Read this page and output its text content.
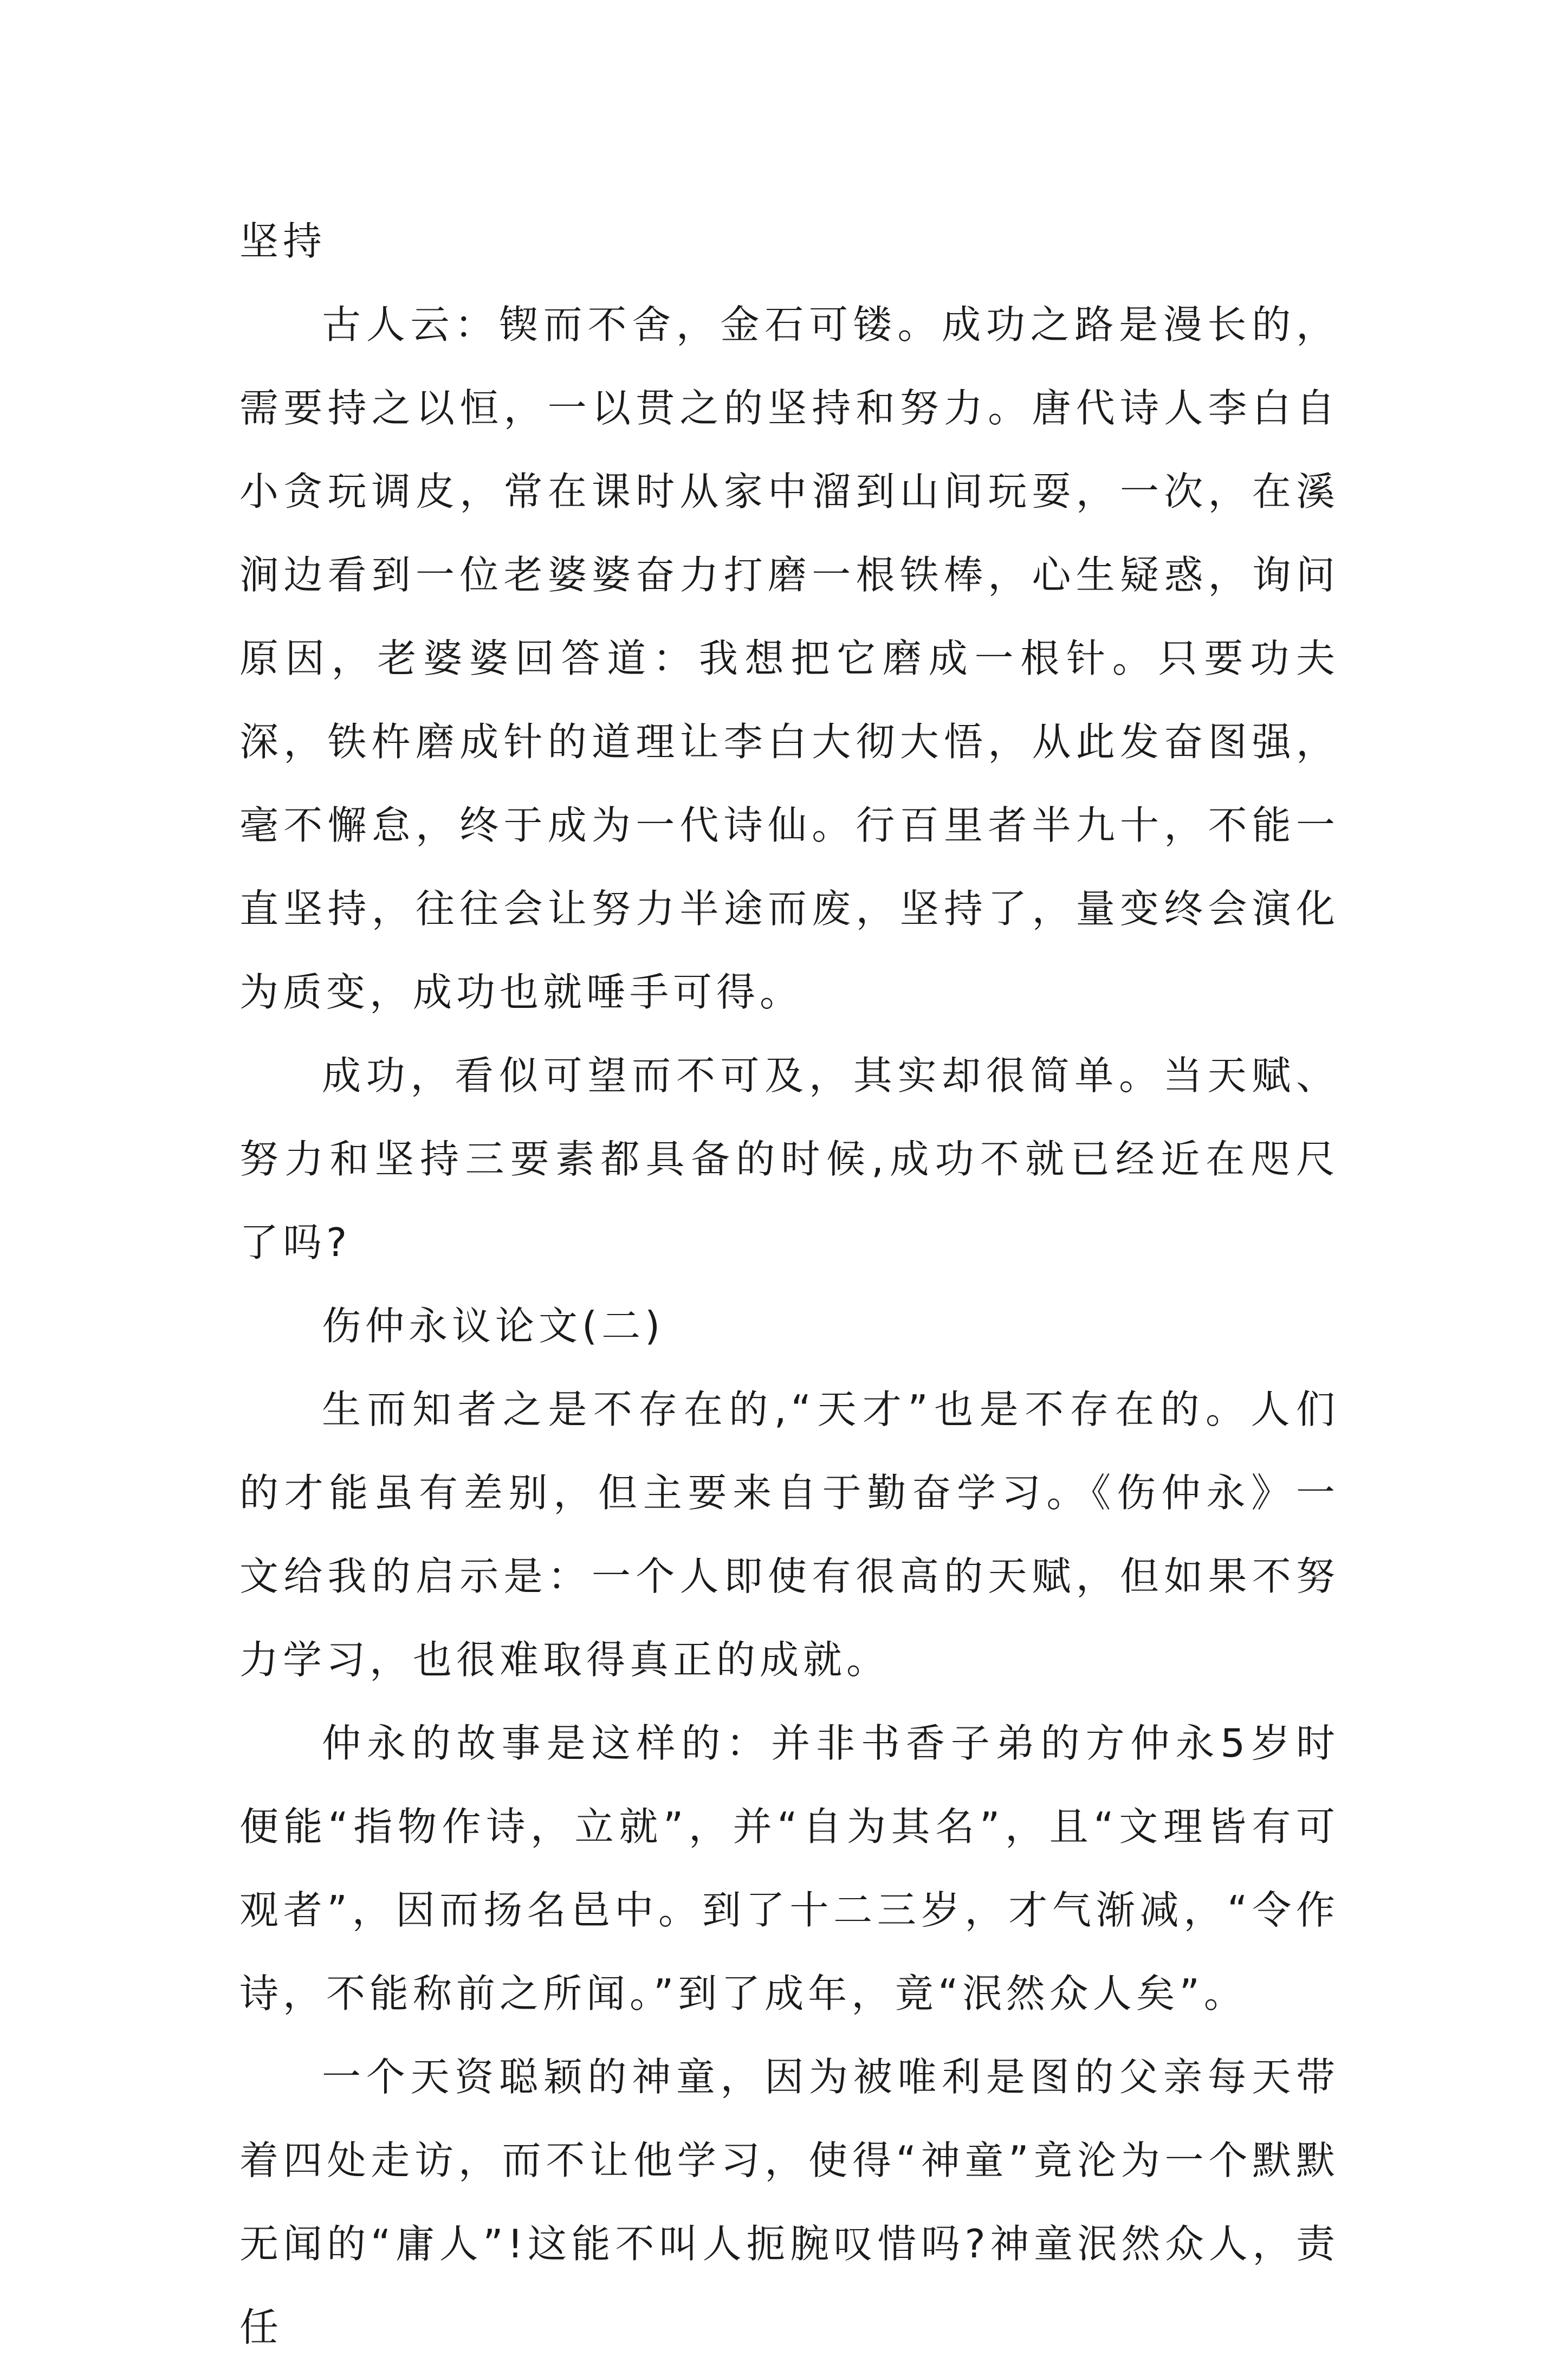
坚持

古人云：锲而不舍，金石可镂。成功之路是漫长的，需要持之以恒，一以贯之的坚持和努力。唐代诗人李白自小贪玩调皮，常在课时从家中溜到山间玩耍，一次，在溪涧边看到一位老婆婆奋力打磨一根铁棒，心生疑惑，询问原因，老婆婆回答道：我想把它磨成一根针。只要功夫深，铁杵磨成针的道理让李白大彻大悟，从此发奋图强，毫不懈怠，终于成为一代诗仙。行百里者半九十，不能一直坚持，往往会让努力半途而废，坚持了，量变终会演化为质变，成功也就唾手可得。

成功，看似可望而不可及，其实却很简单。当天赋、努力和坚持三要素都具备的时候,成功不就已经近在咫尺了吗?

伤仲永议论文(二)

生而知者之是不存在的,“天才”也是不存在的。人们的才能虽有差别，但主要来自于勤奋学习。《伤仲永》一文给我的启示是：一个人即使有很高的天赋，但如果不努力学习，也很难取得真正的成就。

仲永的故事是这样的：并非书香子弟的方仲永5岁时便能“指物作诗，立就”，并“自为其名”，且“文理皆有可观者”，因而扬名邑中。到了十二三岁，才气渐减，“令作诗，不能称前之所闻。”到了成年，竟“泯然众人矣”。

一个天资聪颖的神童，因为被唯利是图的父亲每天带着四处走访，而不让他学习，使得“神童”竟沦为一个默默无闻的“庸人”!这能不叫人扼腕叹惜吗?神童泯然众人，责任
